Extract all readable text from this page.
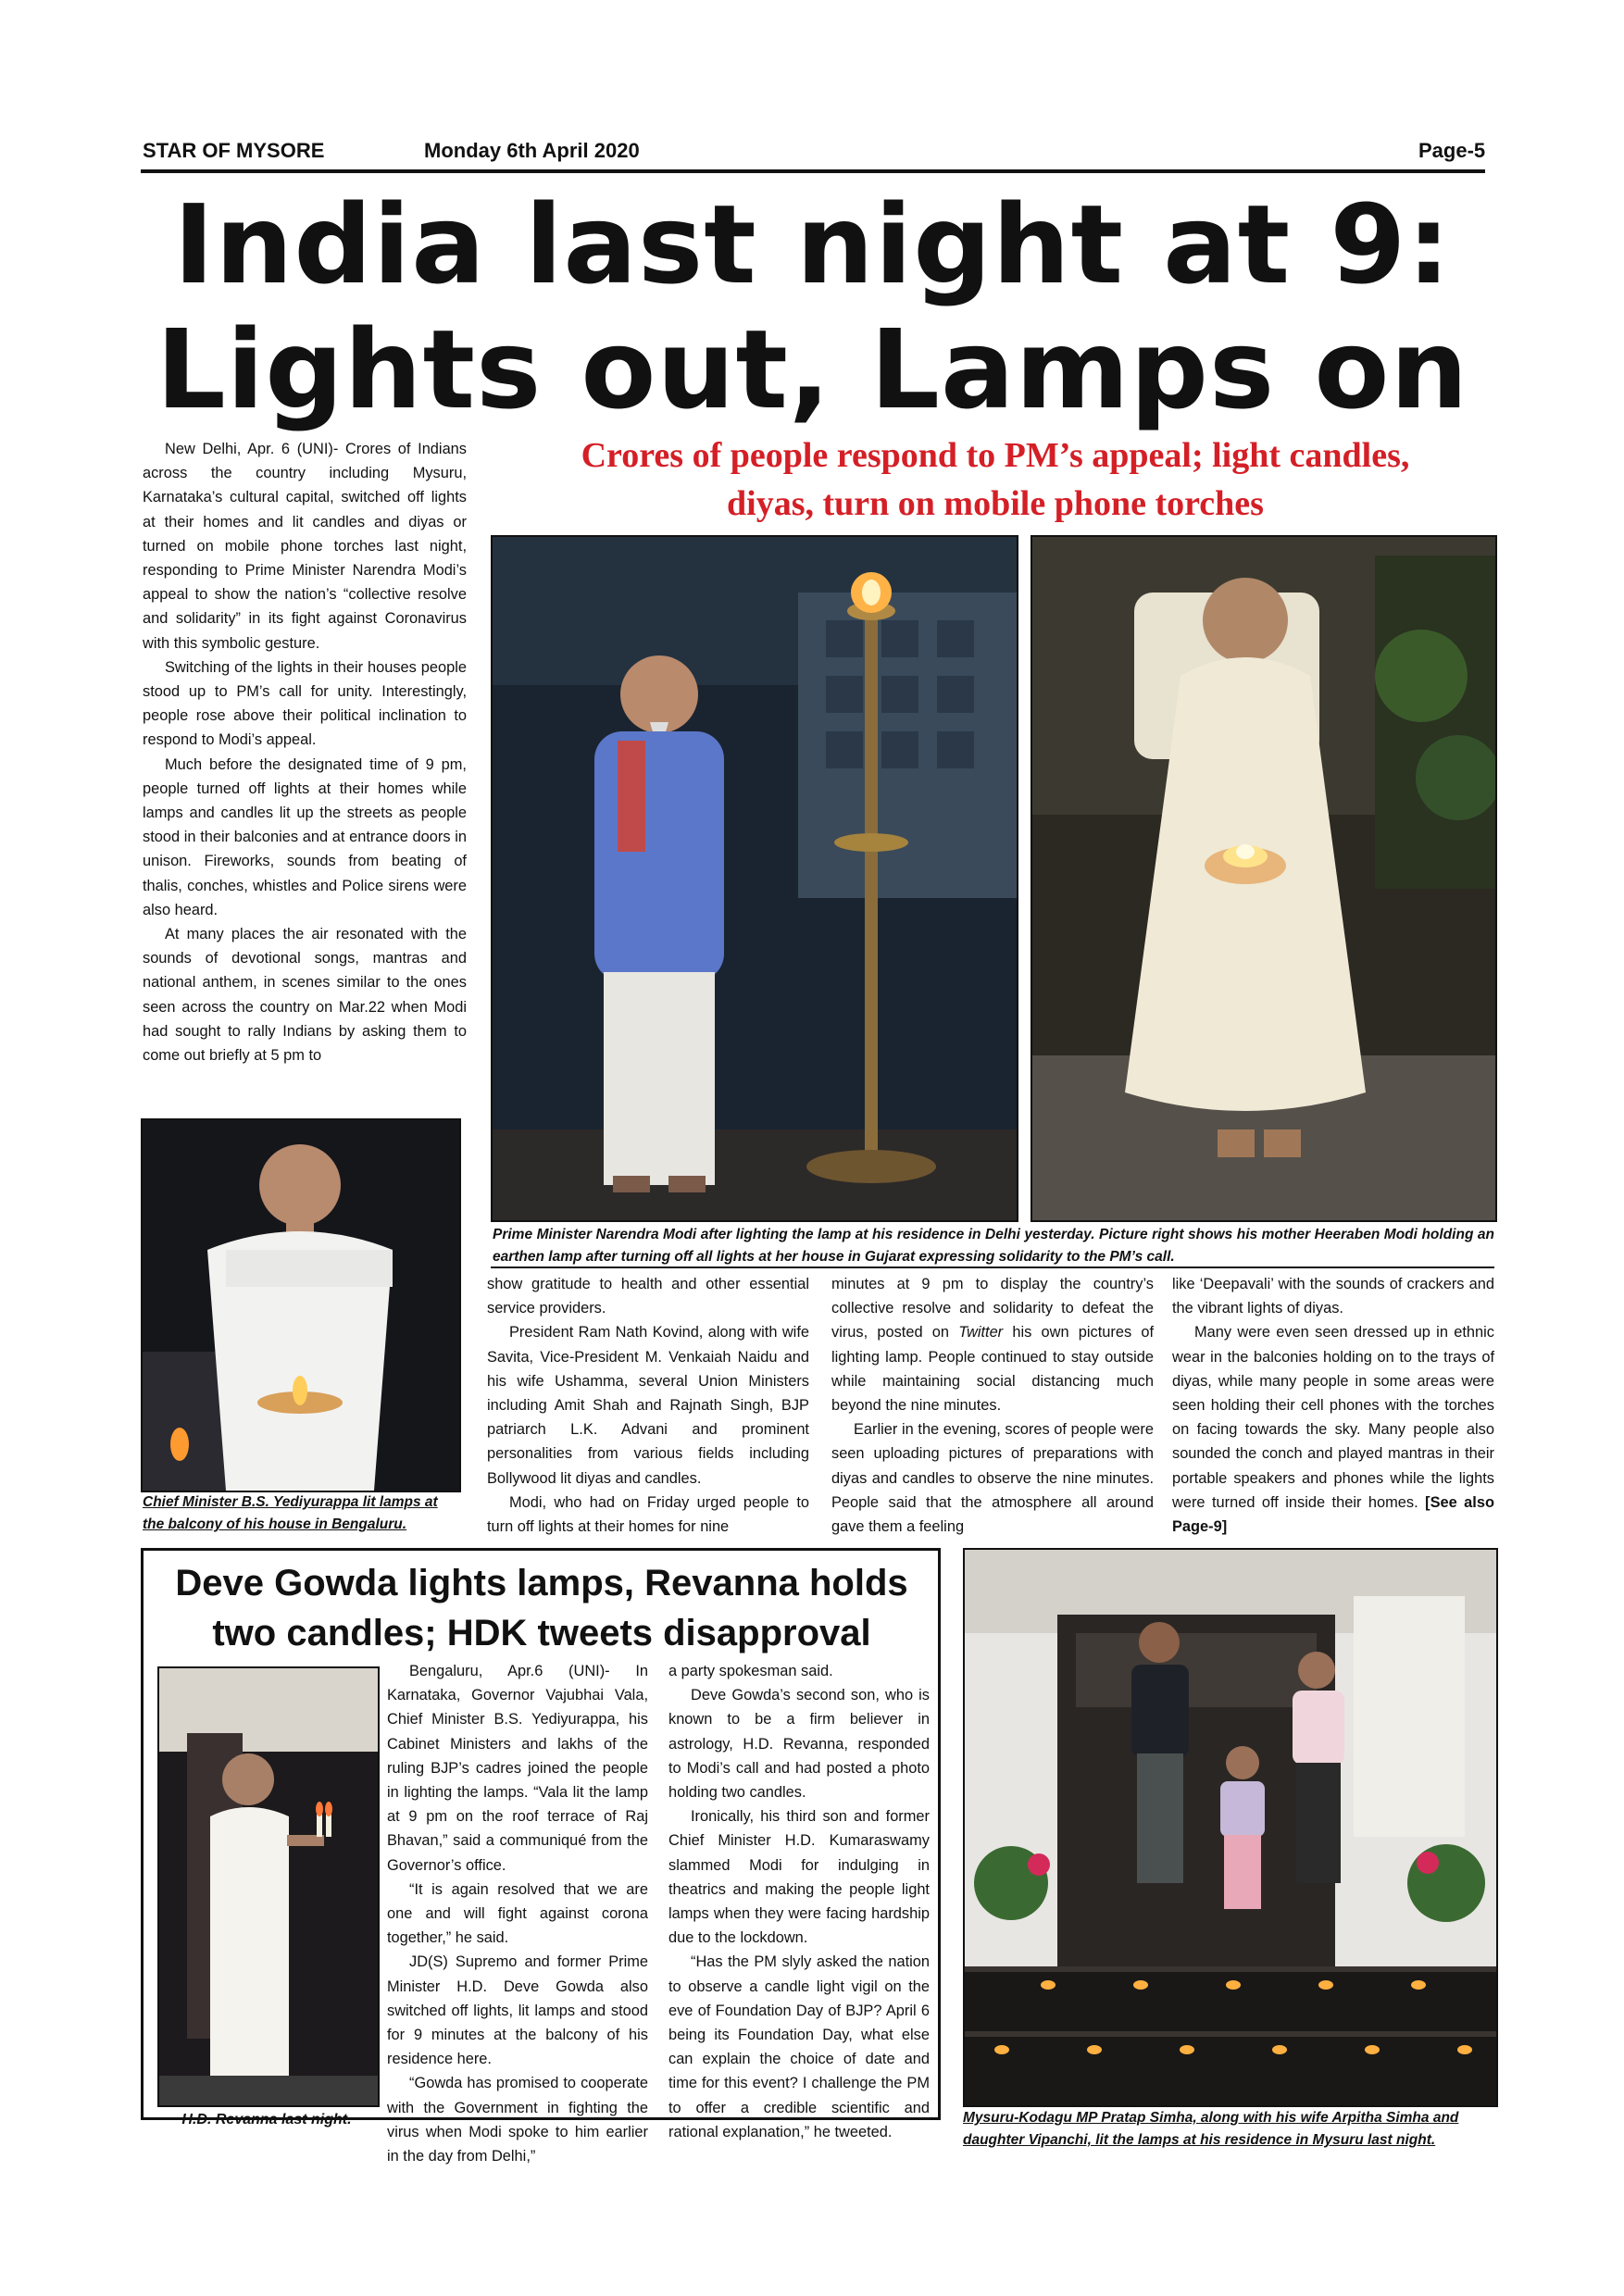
STAR OF MYSORE	Monday 6th April 2020	Page-5
India last night at 9:
Lights out, Lamps on
Crores of people respond to PM’s appeal; light candles,
diyas, turn on mobile phone torches

New Delhi, Apr. 6 (UNI)- Crores of Indians across the country including Mysuru, Karnataka’s cultural capital, switched off lights at their homes and lit candles and diyas or turned on mobile phone torches last night, responding to Prime Minister Narendra Modi’s appeal to show the nation’s “collective resolve and solidarity” in its fight against Coronavirus with this symbolic gesture.

Switching of the lights in their houses people stood up to PM’s call for unity. Interestingly, people rose above their political inclination to respond to Modi’s appeal.

Much before the designated time of 9 pm, people turned off lights at their homes while lamps and candles lit up the streets as people stood in their balconies and at entrance doors in unison. Fireworks, sounds from beating of thalis, conches, whistles and Police sirens were also heard.

At many places the air resonated with the sounds of devotional songs, mantras and national anthem, in scenes similar to the ones seen across the country on Mar.22 when Modi had sought to rally Indians by asking them to come out briefly at 5 pm to

Prime Minister Narendra Modi after lighting the lamp at his residence in Delhi yesterday. Picture right shows his mother Heeraben Modi holding an earthen lamp after turning off all lights at her house in Gujarat expressing solidarity to the PM’s call.
Chief Minister B.S. Yediyurappa lit lamps at the balcony of his house in Bengaluru.

show gratitude to health and other essential service providers.

President Ram Nath Kovind, along with wife Savita, Vice-President M. Venkaiah Naidu and his wife Ushamma, several Union Ministers including Amit Shah and Rajnath Singh, BJP patriarch L.K. Advani and prominent personalities from various fields including Bollywood lit diyas and candles.

Modi, who had on Friday urged people to turn off lights at their homes for nine

minutes at 9 pm to display the country’s collective resolve and solidarity to defeat the virus, posted on Twitter his own pictures of lighting lamp. People continued to stay outside while maintaining social distancing much beyond the nine minutes.

Earlier in the evening, scores of people were seen uploading pictures of preparations with diyas and candles to observe the nine minutes. People said that the atmosphere all around gave them a feeling

like ‘Deepavali’ with the sounds of crackers and the vibrant lights of diyas.

Many were even seen dressed up in ethnic wear in the balconies holding on to the trays of diyas, while many people in some areas were seen holding their cell phones with the torches on facing towards the sky. Many people also sounded the conch and played mantras in their portable speakers and phones while the lights were turned off inside their homes. [See also Page-9]

Deve Gowda lights lamps, Revanna holds
two candles; HDK tweets disapproval
H.D. Revanna last night.

Bengaluru, Apr.6 (UNI)- In Karnataka, Governor Vajubhai Vala, Chief Minister B.S. Yediyurappa, his Cabinet Ministers and lakhs of the ruling BJP’s cadres joined the people in lighting the lamps. “Vala lit the lamp at 9 pm on the roof terrace of Raj Bhavan,” said a communiqué from the Governor’s office.

“It is again resolved that we are one and will fight against corona together,” he said.

JD(S) Supremo and former Prime Minister H.D. Deve Gowda also switched off lights, lit lamps and stood for 9 minutes at the balcony of his residence here.

“Gowda has promised to cooperate with the Government in fighting the virus when Modi spoke to him earlier in the day from Delhi,”

a party spokesman said.

Deve Gowda’s second son, who is known to be a firm believer in astrology, H.D. Revanna, responded to Modi’s call and had posted a photo holding two candles.

Ironically, his third son and former Chief Minister H.D. Kumaraswamy slammed Modi for indulging in theatrics and making the people light lamps when they were facing hardship due to the lockdown.

“Has the PM slyly asked the nation to observe a candle light vigil on the eve of Foundation Day of BJP? April 6 being its Foundation Day, what else can explain the choice of date and time for this event? I challenge the PM to offer a credible scientific and rational explanation,” he tweeted.

Mysuru-Kodagu MP Pratap Simha, along with his wife Arpitha Simha and daughter Vipanchi, lit the lamps at his residence in Mysuru last night.
